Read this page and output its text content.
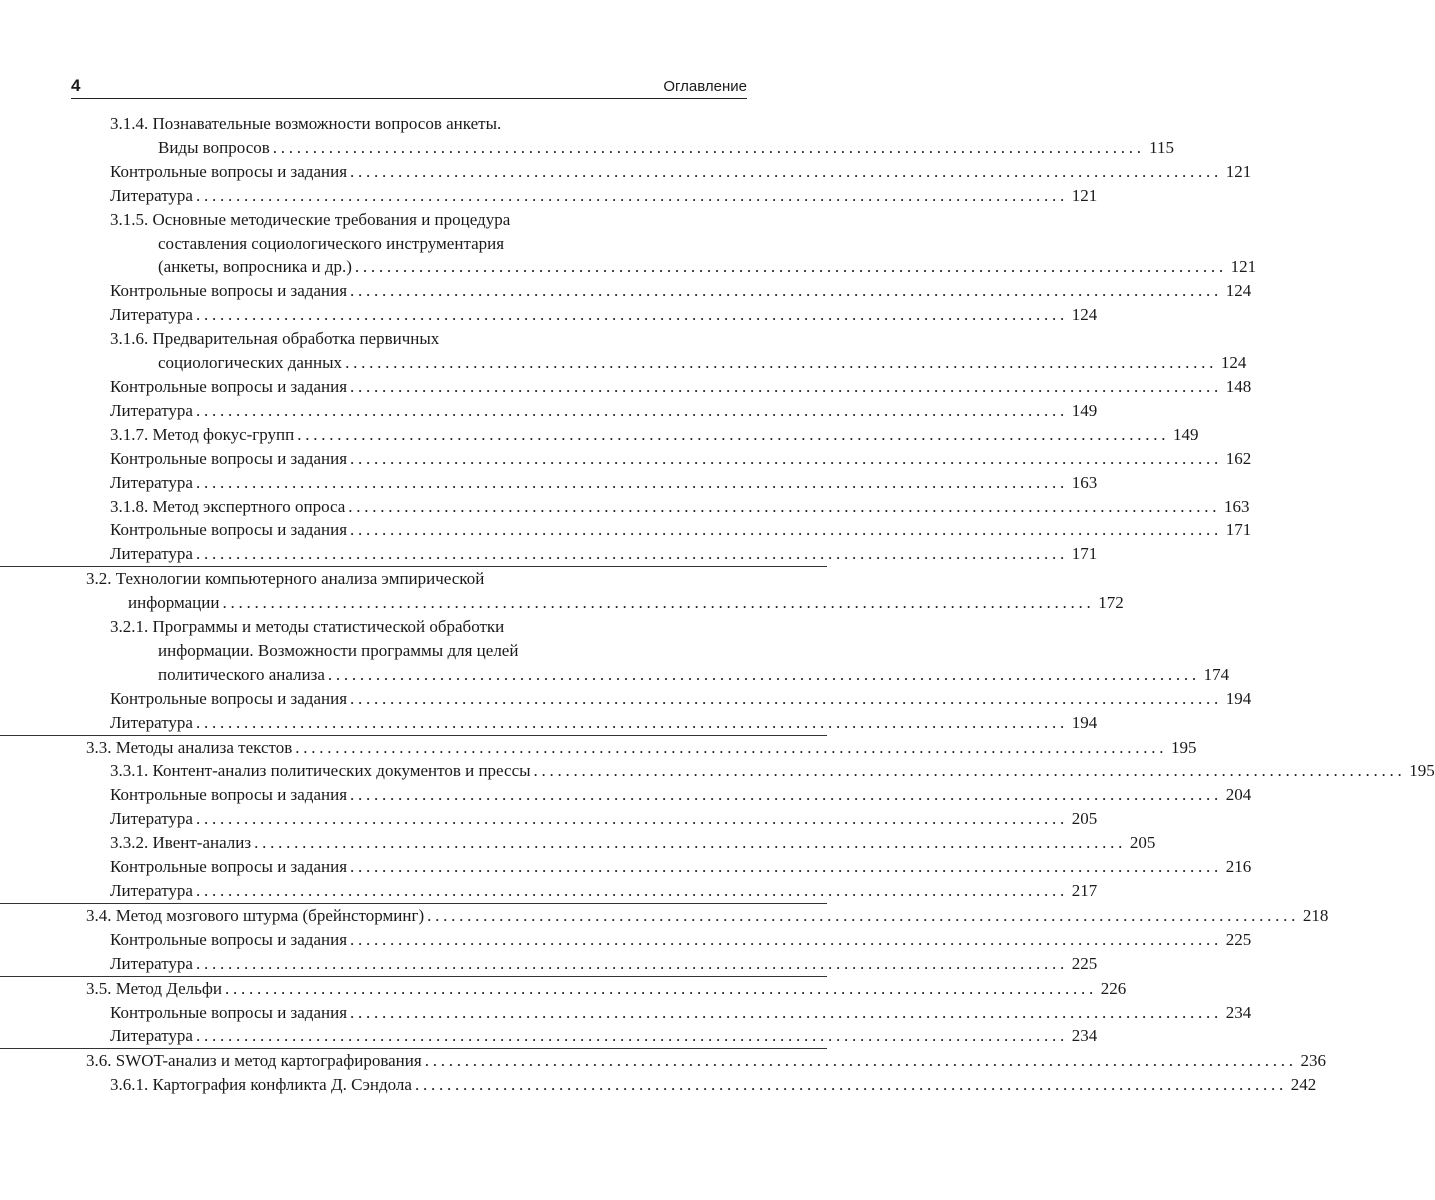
4	Оглавление
3.1.4. Познавательные возможности вопросов анкеты.
Виды вопросов . . .	115
Контрольные вопросы и задания . . .	121
Литература . . .	121
3.1.5. Основные методические требования и процедура
составления социологического инструментария
(анкеты, вопросника и др.) . . .	121
Контрольные вопросы и задания . . .	124
Литература . . .	124
3.1.6. Предварительная обработка первичных
социологических данных . . .	124
Контрольные вопросы и задания . . .	148
Литература . . .	149
3.1.7. Метод фокус-групп . . .	149
Контрольные вопросы и задания . . .	162
Литература . . .	163
3.1.8. Метод экспертного опроса . . .	163
Контрольные вопросы и задания . . .	171
Литература . . .	171
3.2. Технологии компьютерного анализа эмпирической
информации . . .	172
3.2.1. Программы и методы статистической обработки
информации. Возможности программы для целей
политического анализа . . .	174
Контрольные вопросы и задания . . .	194
Литература . . .	194
3.3. Методы анализа текстов . . .	195
3.3.1. Контент-анализ политических документов и прессы . . .	195
Контрольные вопросы и задания . . .	204
Литература . . .	205
3.3.2. Ивент-анализ . . .	205
Контрольные вопросы и задания . . .	216
Литература . . .	217
3.4. Метод мозгового штурма (брейнсторминг) . . .	218
Контрольные вопросы и задания . . .	225
Литература . . .	225
3.5. Метод Дельфи . . .	226
Контрольные вопросы и задания . . .	234
Литература . . .	234
3.6. SWOT-анализ и метод картографирования . . .	236
3.6.1. Картография конфликта Д. Сэндола . . .	242
